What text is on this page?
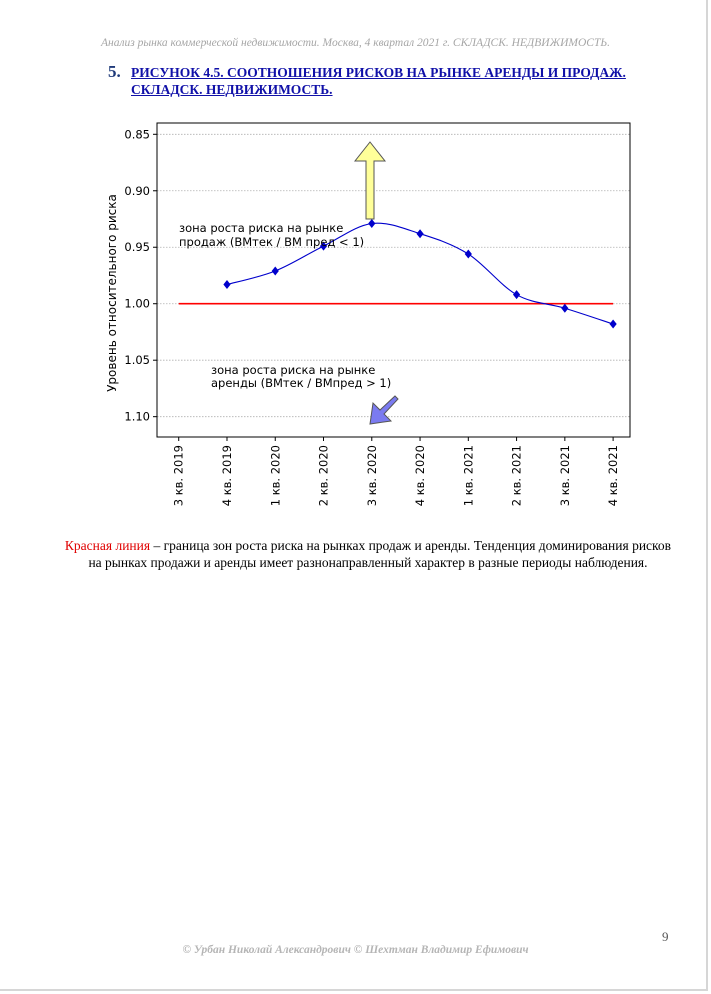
Анализ рынка коммерческой недвижимости. Москва, 4 квартал 2021 г. СКЛАДСК. НЕДВИЖИМОСТЬ.
5. РИСУНОК 4.5. СООТНОШЕНИЯ РИСКОВ НА РЫНКЕ АРЕНДЫ И ПРОДАЖ. СКЛАДСК. НЕДВИЖИМОСТЬ.
0.85
0.90
0.95
1.00
1.05
1.10
3 кв. 2019	4 кв. 2019	1 кв. 2020	2 кв. 2020	3 кв. 2020	4 кв. 2020	1 кв. 2021	2 кв. 2021	3 кв. 2021	4 кв. 2021
Уровень относительного риска	зона роста риска на рынке продаж (ВМтек / ВМ пред < 1)
зона роста риска на рынке аренды (ВМтек / ВМпред > 1)
Красная линия – граница зон роста риска на рынках продаж и аренды. Тенденция доминирования рисков на рынках продажи и аренды имеет разнонаправленный характер в разные периоды наблюдения.
9
© Урбан Николай Александрович © Шехтман Владимир Ефимович
